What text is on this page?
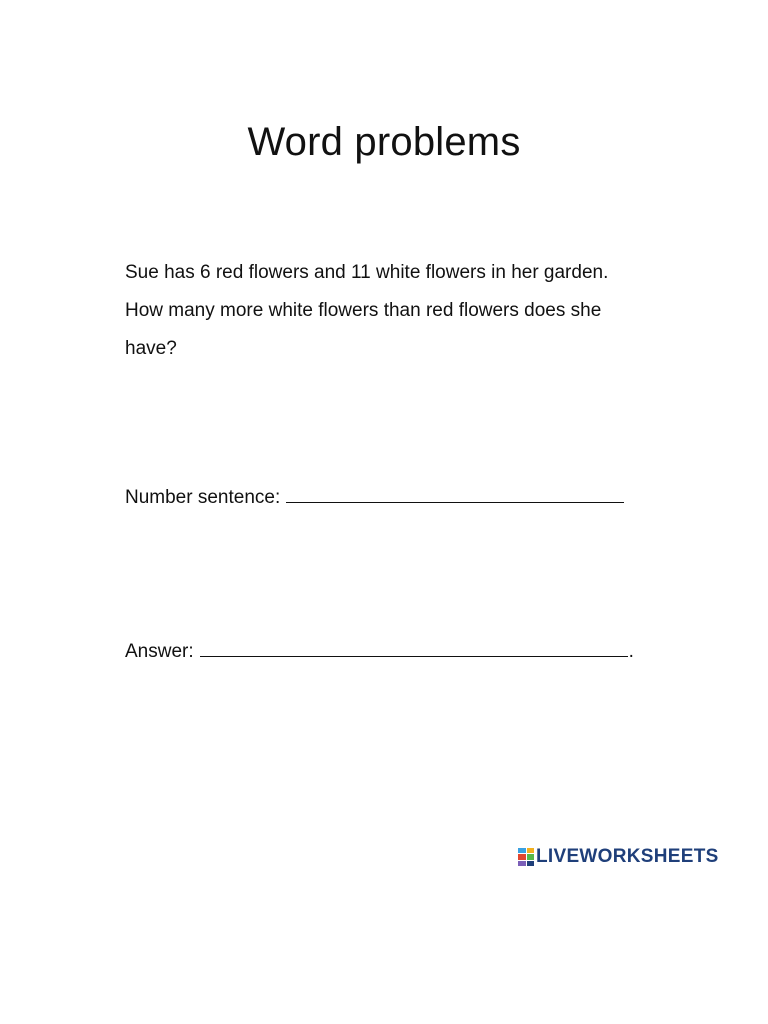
Word problems

Sue has 6 red flowers and 11 white flowers in her garden.

How many more white flowers than red flowers does she

have?

Number sentence:
Answer:	.
LIVEWORKSHEETS
